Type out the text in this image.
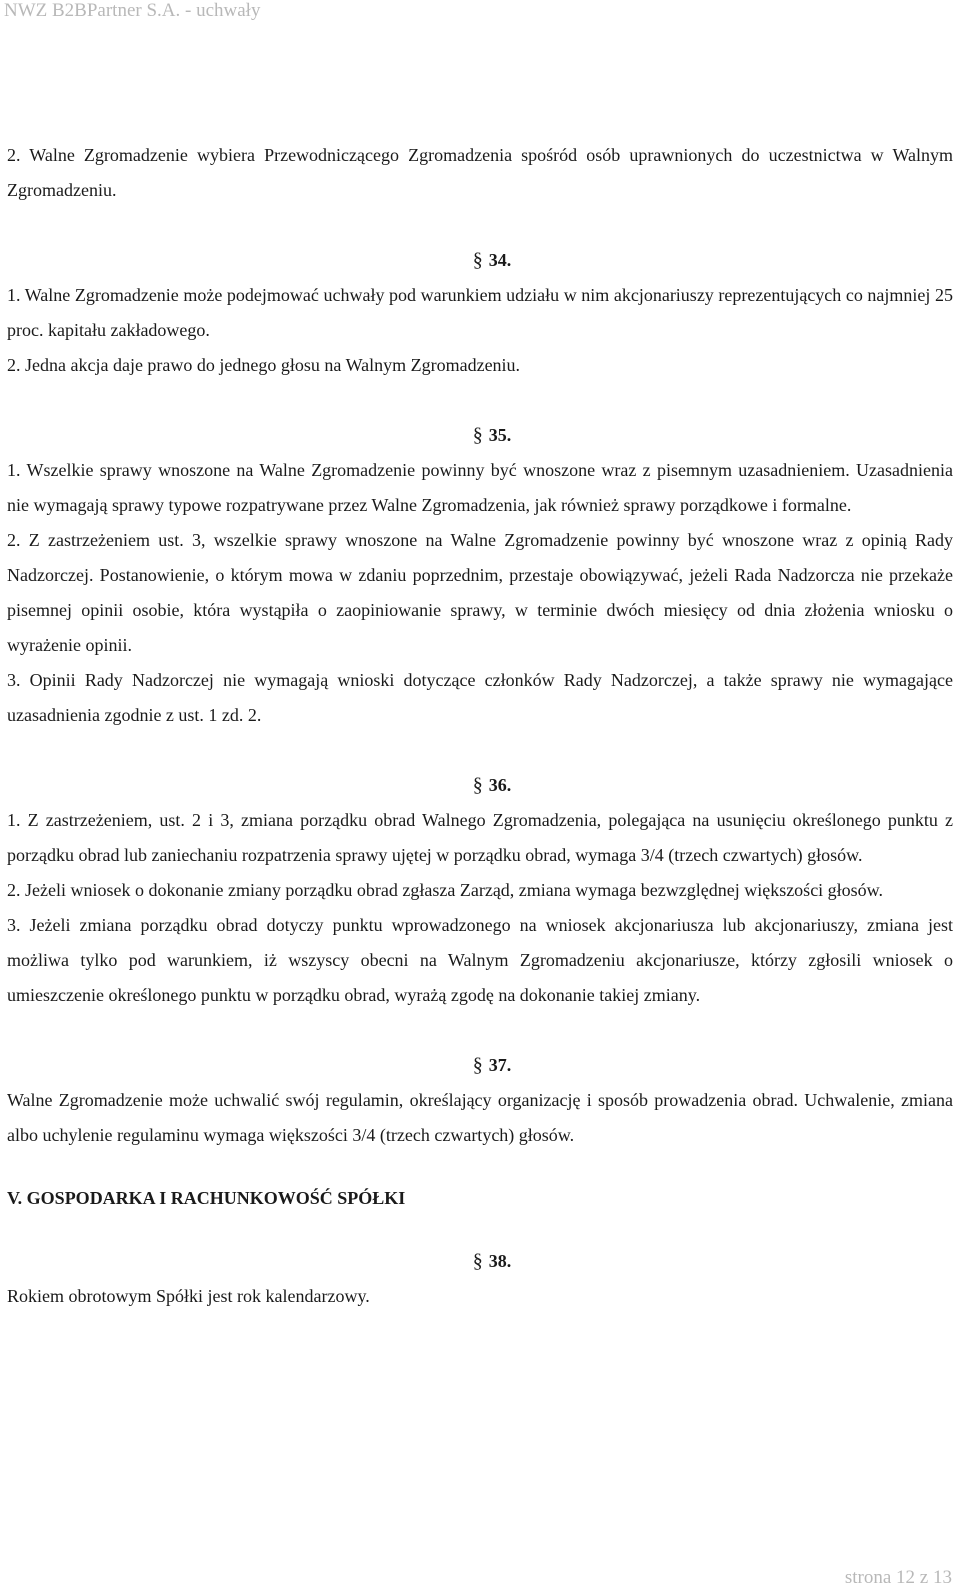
NWZ B2BPartner S.A. - uchwały

2. Walne Zgromadzenie wybiera Przewodniczącego Zgromadzenia spośród osób uprawnionych do uczestnictwa w Walnym Zgromadzeniu.

§ 34.

1. Walne Zgromadzenie może podejmować uchwały pod warunkiem udziału w nim akcjonariuszy reprezentujących co najmniej 25 proc. kapitału zakładowego.

2. Jedna akcja daje prawo do jednego głosu na Walnym Zgromadzeniu.

§ 35.

1. Wszelkie sprawy wnoszone na Walne Zgromadzenie powinny być wnoszone wraz z pisemnym uzasadnieniem. Uzasadnienia nie wymagają sprawy typowe rozpatrywane przez Walne Zgromadzenia, jak również sprawy porządkowe i formalne.

2. Z zastrzeżeniem ust. 3, wszelkie sprawy wnoszone na Walne Zgromadzenie powinny być wnoszone wraz z opinią Rady Nadzorczej. Postanowienie, o którym mowa w zdaniu poprzednim, przestaje obowiązywać, jeżeli Rada Nadzorcza nie przekaże pisemnej opinii osobie, która wystąpiła o zaopiniowanie sprawy, w terminie dwóch miesięcy od dnia złożenia wniosku o wyrażenie opinii.

3. Opinii Rady Nadzorczej nie wymagają wnioski dotyczące członków Rady Nadzorczej, a także sprawy nie wymagające uzasadnienia zgodnie z ust. 1 zd. 2.

§ 36.

1. Z zastrzeżeniem, ust. 2 i 3, zmiana porządku obrad Walnego Zgromadzenia, polegająca na usunięciu określonego punktu z porządku obrad lub zaniechaniu rozpatrzenia sprawy ujętej w porządku obrad, wymaga 3/4 (trzech czwartych) głosów.

2. Jeżeli wniosek o dokonanie zmiany porządku obrad zgłasza Zarząd, zmiana wymaga bezwzględnej większości głosów.

3. Jeżeli zmiana porządku obrad dotyczy punktu wprowadzonego na wniosek akcjonariusza lub akcjonariuszy, zmiana jest możliwa tylko pod warunkiem, iż wszyscy obecni na Walnym Zgromadzeniu akcjonariusze, którzy zgłosili wniosek o umieszczenie określonego punktu w porządku obrad, wyrażą zgodę na dokonanie takiej zmiany.

§ 37.

Walne Zgromadzenie może uchwalić swój regulamin, określający organizację i sposób prowadzenia obrad. Uchwalenie, zmiana albo uchylenie regulaminu wymaga większości 3/4 (trzech czwartych) głosów.

V. GOSPODARKA I RACHUNKOWOŚĆ SPÓŁKI

§ 38.

Rokiem obrotowym Spółki jest rok kalendarzowy.

strona 12 z 13
